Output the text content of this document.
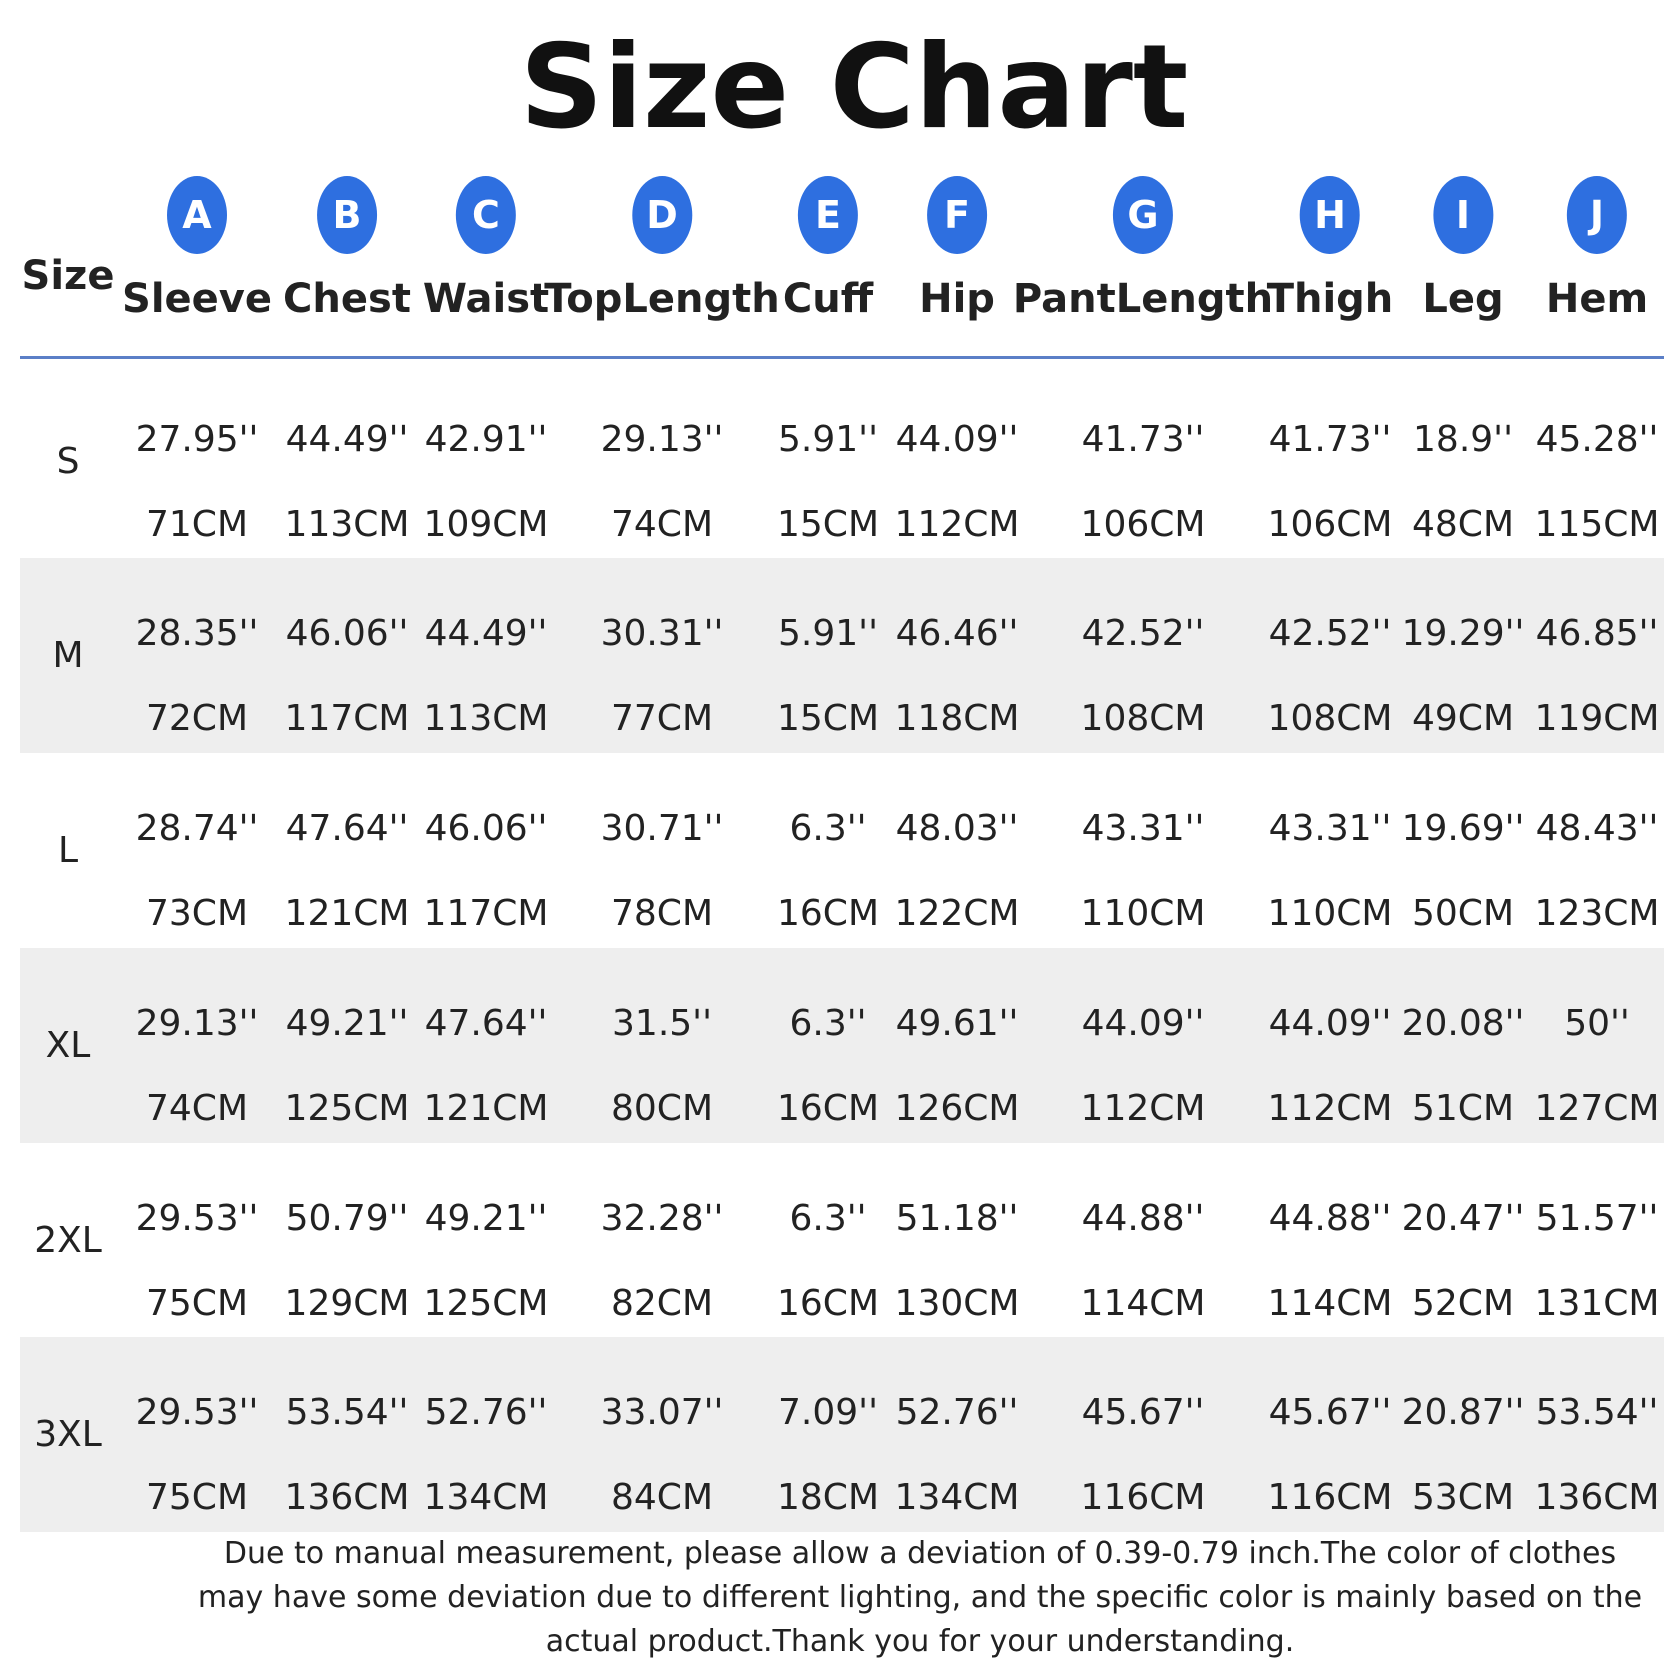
Size Chart
Size
A
Sleeve
B
Chest
C
Waist
D
TopLength
E
Cuff
F
Hip
G
PantLength
H
Thigh
I
Leg
J
Hem
S
27.95'' 44.49'' 42.91'' 29.13'' 5.91'' 44.09'' 41.73'' 41.73'' 18.9'' 45.28''
71CM 113CM 109CM 74CM 15CM 112CM 106CM 106CM 48CM 115CM
M
28.35'' 46.06'' 44.49'' 30.31'' 5.91'' 46.46'' 42.52'' 42.52'' 19.29'' 46.85''
72CM 117CM 113CM 77CM 15CM 118CM 108CM 108CM 49CM 119CM
L
28.74'' 47.64'' 46.06'' 30.71'' 6.3'' 48.03'' 43.31'' 43.31'' 19.69'' 48.43''
73CM 121CM 117CM 78CM 16CM 122CM 110CM 110CM 50CM 123CM
XL
29.13'' 49.21'' 47.64'' 31.5'' 6.3'' 49.61'' 44.09'' 44.09'' 20.08'' 50''
74CM 125CM 121CM 80CM 16CM 126CM 112CM 112CM 51CM 127CM
2XL
29.53'' 50.79'' 49.21'' 32.28'' 6.3'' 51.18'' 44.88'' 44.88'' 20.47'' 51.57''
75CM 129CM 125CM 82CM 16CM 130CM 114CM 114CM 52CM 131CM
3XL
29.53'' 53.54'' 52.76'' 33.07'' 7.09'' 52.76'' 45.67'' 45.67'' 20.87'' 53.54''
75CM 136CM 134CM 84CM 18CM 134CM 116CM 116CM 53CM 136CM
Due to manual measurement, please allow a deviation of 0.39-0.79 inch.The color of clothes may have some deviation due to different lighting, and the specific color is mainly based on the actual product.Thank you for your understanding.
